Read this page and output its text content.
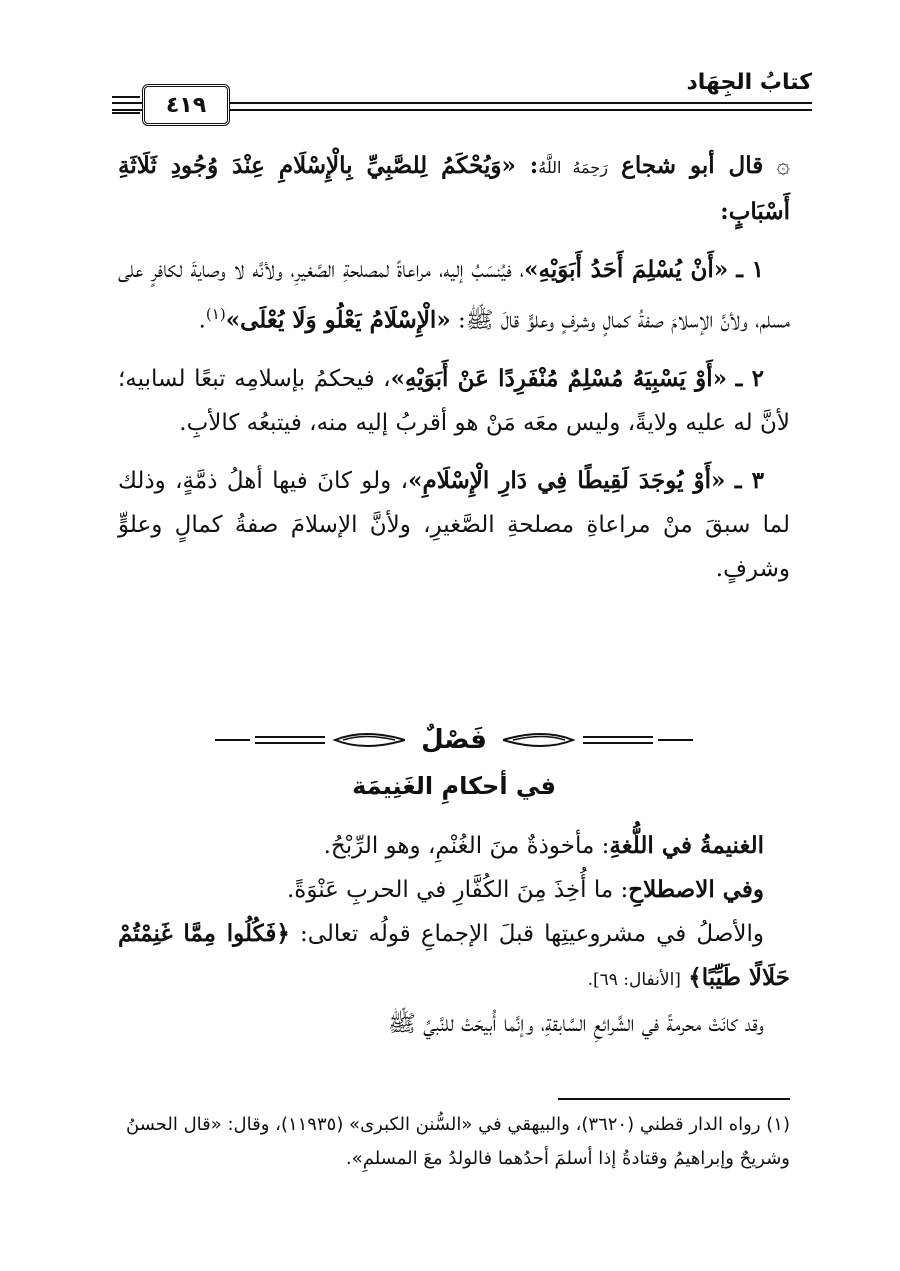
كتابُ الجِهَاد
٤١٩

۞ قال أبو شجاع رَحِمَهُ اللَّهُ: «وَيُحْكَمُ لِلصَّبِيِّ بِالْإِسْلَامِ عِنْدَ وُجُودِ ثَلَاثَةِ أَسْبَابٍ:

١ ـ «أَنْ يُسْلِمَ أَحَدُ أَبَوَيْهِ»، فيُنسَبُ إليه، مراعاةً لمصلحةِ الصَّغيرِ، ولأنَّه لا وصايةَ لكافرٍ على مسلم، ولأنَّ الإسلامَ صفةُ كمالٍ وشرفٍ وعلوٍّ قالَ ﷺ: «الْإِسْلَامُ يَعْلُو وَلَا يُعْلَى»$^{(١)}$.

٢ ـ «أَوْ يَسْبِيَهُ مُسْلِمٌ مُنْفَرِدًا عَنْ أَبَوَيْهِ»، فيحكمُ بإسلامِه تبعًا لسابيه؛ لأنَّ له عليه ولايةً، وليس معَه مَنْ هو أقربُ إليه منه، فيتبعُه كالأبِ.

٣ ـ «أَوْ يُوجَدَ لَقِيطًا فِي دَارِ الْإِسْلَامِ»، ولو كانَ فيها أهلُ ذمَّةٍ، وذلك لما سبقَ منْ مراعاةِ مصلحةِ الصَّغيرِ، ولأنَّ الإسلامَ صفةُ كمالٍ وعلوٍّ وشرفٍ.

فَصْلٌ
في أحكامِ الغَنِيمَة

الغنيمةُ في اللُّغةِ: مأخوذةٌ منَ الغُنْمِ، وهو الرِّبْحُ.

وفي الاصطلاحِ: ما أُخِذَ مِنَ الكُفَّارِ في الحربِ عَنْوَةً.

والأصلُ في مشروعيتِها قبلَ الإجماعِ قولُه تعالى: ﴿فَكُلُوا مِمَّا غَنِمْتُمْ حَلَالًا طَيِّبًا﴾ [الأنفال: ٦٩].

وقد كانَتْ محرمةً في الشَّرائعِ السَّابقةِ، وإنَّما أُبيحَتْ للنَّبيِّ ﷺ

(١) رواه الدار قطني (٣٦٢٠)، والبيهقي في «السُّنن الكبرى» (١١٩٣٥)، وقال: «قال الحسنُ وشريحٌ وإبراهيمُ وقتادةُ إذا أسلمَ أحدُهما فالولدُ معَ المسلمِ».
